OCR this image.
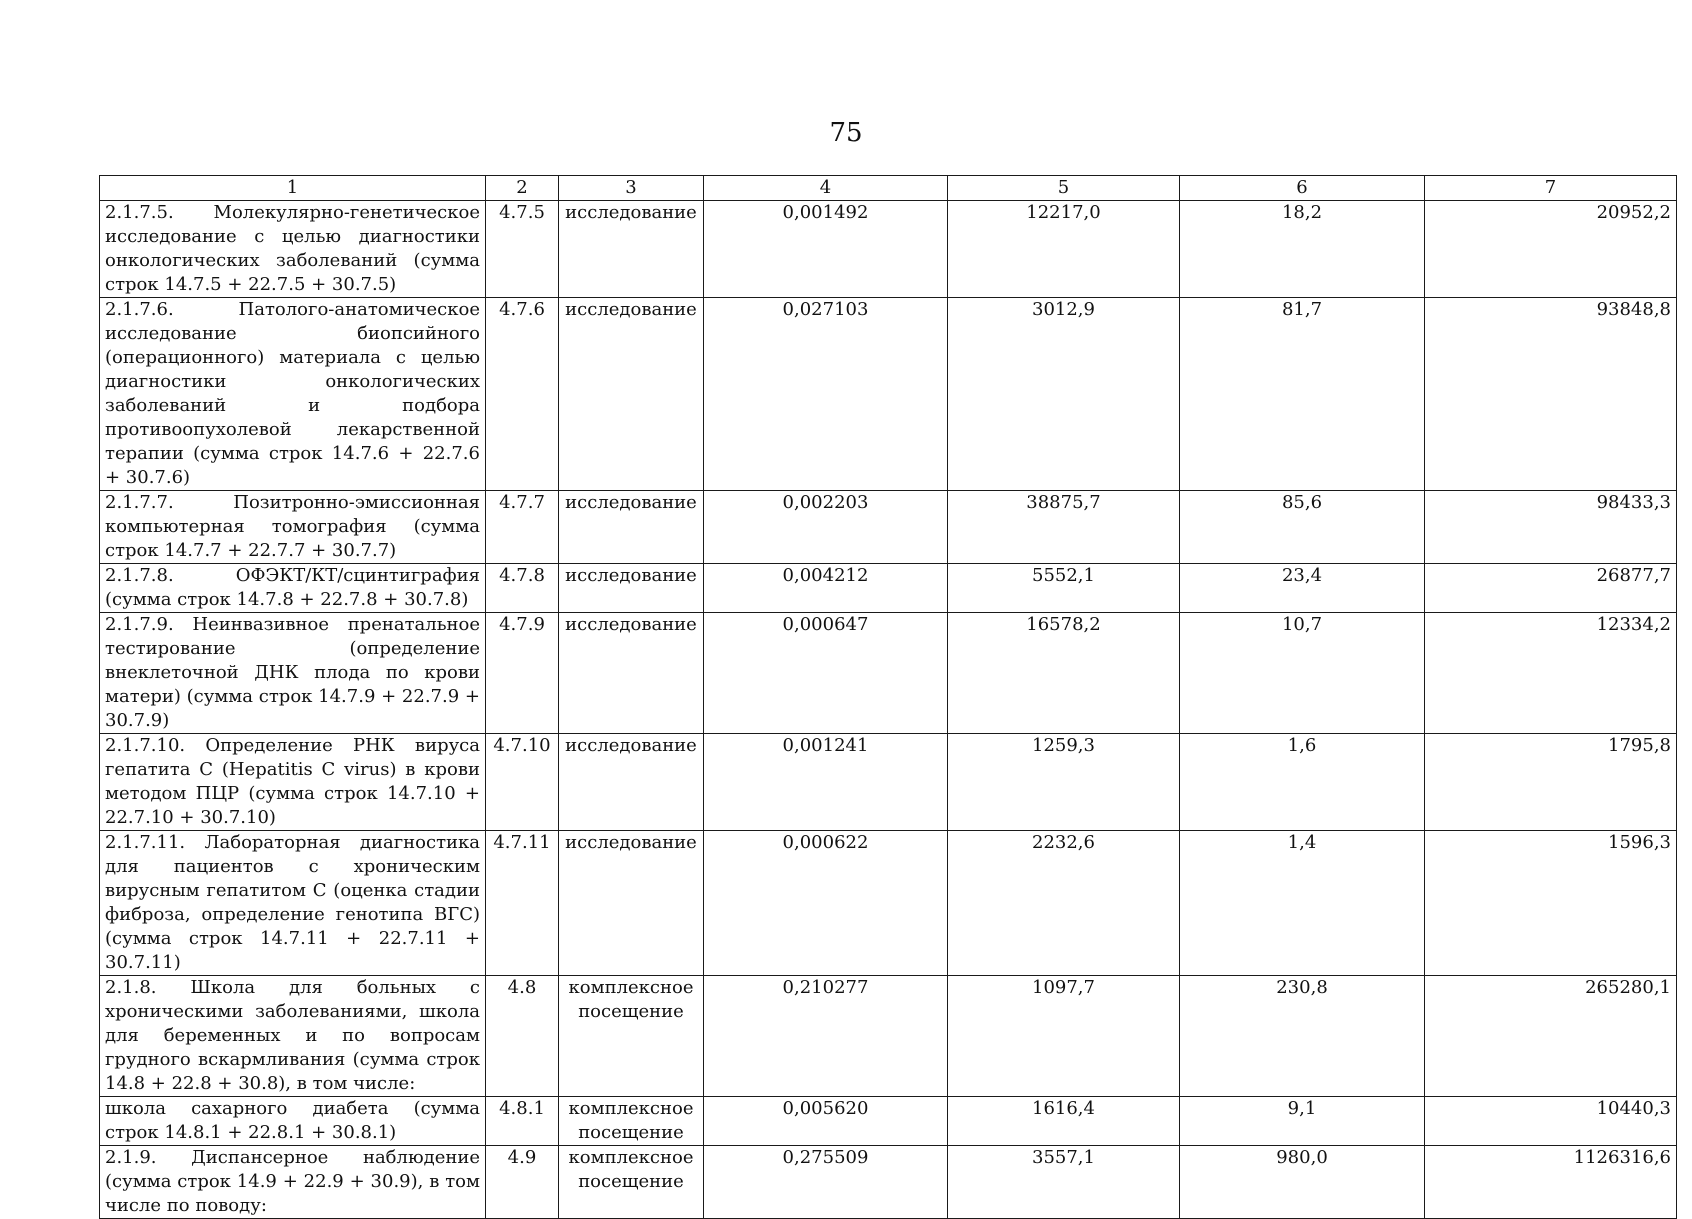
75
1	2	3	4	5	6	7
2.1.7.5. Молекулярно-генетическое исследование с целью диагностики онкологических заболеваний (сумма строк 14.7.5 + 22.7.5 + 30.7.5)	4.7.5	исследование	0,001492	12217,0	18,2	20952,2
2.1.7.6. Патолого-анатомическое исследование биопсийного (операционного) материала с целью диагностики онкологических заболеваний и подбора противоопухолевой лекарственной терапии (сумма строк 14.7.6 + 22.7.6 + 30.7.6)	4.7.6	исследование	0,027103	3012,9	81,7	93848,8
2.1.7.7. Позитронно-эмиссионная компьютерная томография (сумма строк 14.7.7 + 22.7.7 + 30.7.7)	4.7.7	исследование	0,002203	38875,7	85,6	98433,3
2.1.7.8. ОФЭКТ/КТ/сцинтиграфия (сумма строк 14.7.8 + 22.7.8 + 30.7.8)	4.7.8	исследование	0,004212	5552,1	23,4	26877,7
2.1.7.9. Неинвазивное пренатальное тестирование (определение внеклеточной ДНК плода по крови матери) (сумма строк 14.7.9 + 22.7.9 + 30.7.9)	4.7.9	исследование	0,000647	16578,2	10,7	12334,2
2.1.7.10. Определение РНК вируса гепатита С (Hepatitis C virus) в крови методом ПЦР (сумма строк 14.7.10 + 22.7.10 + 30.7.10)	4.7.10	исследование	0,001241	1259,3	1,6	1795,8
2.1.7.11. Лабораторная диагностика для пациентов с хроническим вирусным гепатитом С (оценка стадии фиброза, определение генотипа ВГС) (сумма строк 14.7.11 + 22.7.11 + 30.7.11)	4.7.11	исследование	0,000622	2232,6	1,4	1596,3
2.1.8. Школа для больных с хроническими заболеваниями, школа для беременных и по вопросам грудного вскармливания (сумма строк 14.8 + 22.8 + 30.8), в том числе:	4.8	комплексное посещение	0,210277	1097,7	230,8	265280,1
школа сахарного диабета (сумма строк 14.8.1 + 22.8.1 + 30.8.1)	4.8.1	комплексное посещение	0,005620	1616,4	9,1	10440,3
2.1.9. Диспансерное наблюдение (сумма строк 14.9 + 22.9 + 30.9), в том числе по поводу:	4.9	комплексное посещение	0,275509	3557,1	980,0	1126316,6
